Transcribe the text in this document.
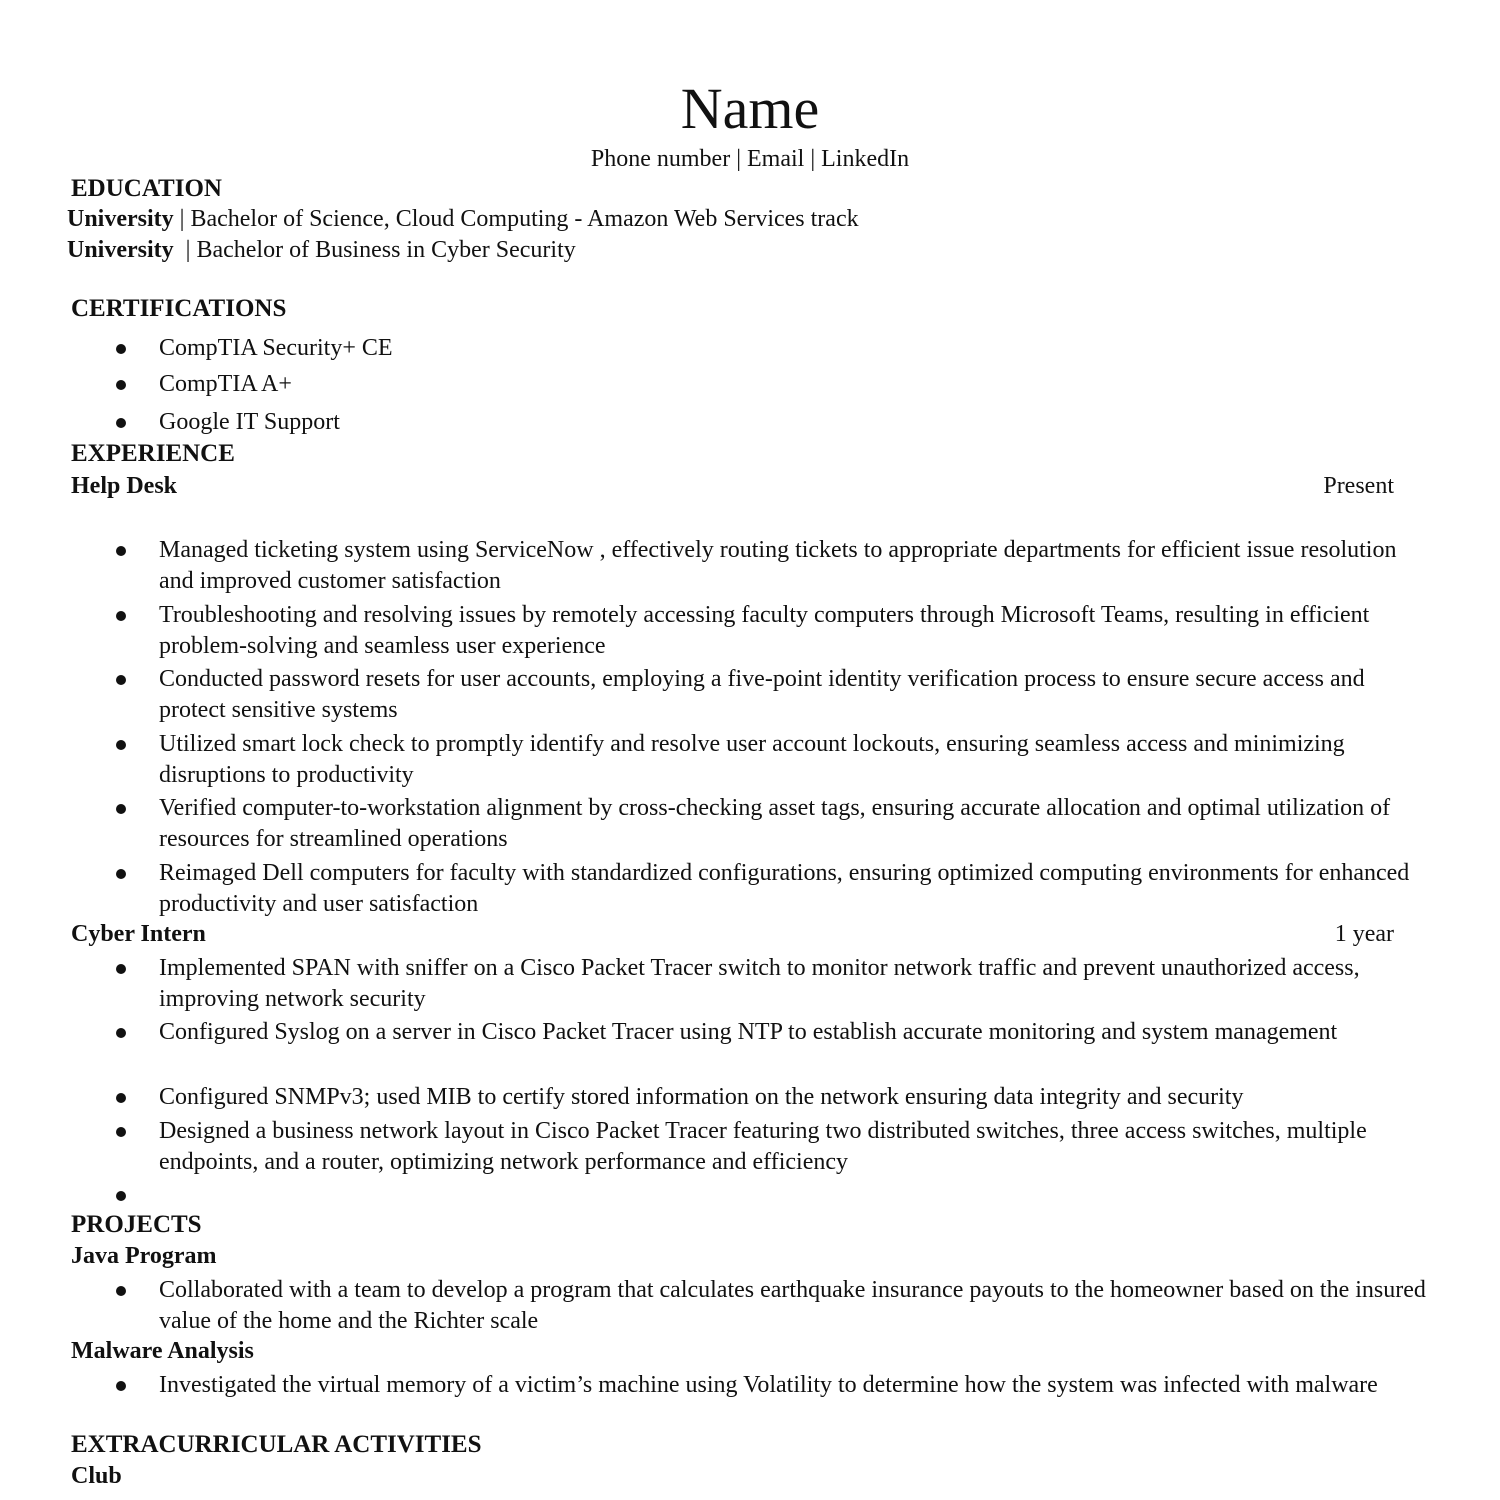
Name
Phone number | Email | LinkedIn
EDUCATION
University | Bachelor of Science, Cloud Computing - Amazon Web Services track
University  | Bachelor of Business in Cyber Security
CERTIFICATIONS
CompTIA Security+ CE
CompTIA A+
Google IT Support
EXPERIENCE
Help Desk	Present
Managed ticketing system using ServiceNow , effectively routing tickets to appropriate departments for efficient issue resolution and improved customer satisfaction
Troubleshooting and resolving issues by remotely accessing faculty computers through Microsoft Teams, resulting in efficient problem-solving and seamless user experience
Conducted password resets for user accounts, employing a five-point identity verification process to ensure secure access and protect sensitive systems
Utilized smart lock check to promptly identify and resolve user account lockouts, ensuring seamless access and minimizing disruptions to productivity
Verified computer-to-workstation alignment by cross-checking asset tags, ensuring accurate allocation and optimal utilization of resources for streamlined operations
Reimaged Dell computers for faculty with standardized configurations, ensuring optimized computing environments for enhanced productivity and user satisfaction
Cyber Intern	1 year
Implemented SPAN with sniffer on a Cisco Packet Tracer switch to monitor network traffic and prevent unauthorized access, improving network security
Configured Syslog on a server in Cisco Packet Tracer using NTP to establish accurate monitoring and system management
Configured SNMPv3; used MIB to certify stored information on the network ensuring data integrity and security
Designed a business network layout in Cisco Packet Tracer featuring two distributed switches, three access switches, multiple endpoints, and a router, optimizing network performance and efficiency
PROJECTS
Java Program
Collaborated with a team to develop a program that calculates earthquake insurance payouts to the homeowner based on the insured value of the home and the Richter scale
Malware Analysis
Investigated the virtual memory of a victim’s machine using Volatility to determine how the system was infected with malware
EXTRACURRICULAR ACTIVITIES
Club
